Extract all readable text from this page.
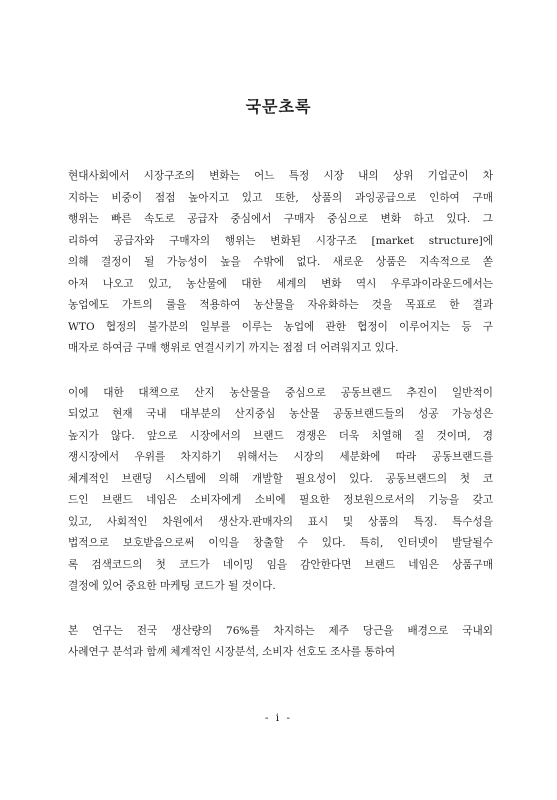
국문초록
현대사회에서 시장구조의 변화는 어느 특정 시장 내의 상위 기업군이 차
지하는 비중이 점점 높아지고 있고 또한, 상품의 과잉공급으로 인하여 구매
행위는 빠른 속도로 공급자 중심에서 구매자 중심으로 변화 하고 있다. 그
리하여 공급자와 구매자의 행위는 변화된 시장구조 [market structure]에
의해 결정이 될 가능성이 높을 수밖에 없다. 새로운 상품은 지속적으로 쏟
아져 나오고 있고, 농산물에 대한 세계의 변화 역시 우루과이라운드에서는
농업에도 가트의 룰을 적용하여 농산물을 자유화하는 것을 목표로 한 결과
WTO 협정의 불가분의 일부를 이루는 농업에 관한 협정이 이루어지는 등 구
매자로 하여금 구매 행위로 연결시키기 까지는 점점 더 어려워지고 있다.
이에 대한 대책으로 산지 농산물을 중심으로 공동브랜드 추진이 일반적이
되었고 현재 국내 대부분의 산지중심 농산물 공동브랜드들의 성공 가능성은
높지가 않다. 앞으로 시장에서의 브랜드 경쟁은 더욱 치열해 질 것이며, 경
쟁시장에서 우위를 차지하기 위해서는 시장의 세분화에 따라 공동브랜드를
체계적인 브랜딩 시스템에 의해 개발할 필요성이 있다. 공동브랜드의 첫 코
드인 브랜드 네임은 소비자에게 소비에 필요한 정보원으로서의 기능을 갖고
있고, 사회적인 차원에서 생산자.판매자의 표시 및 상품의 특징. 특수성을
법적으로 보호받음으로써 이익을 창출할 수 있다. 특히, 인터넷이 발달될수
록 검색코드의 첫 코드가 네이밍 임을 감안한다면 브랜드 네임은 상품구매
결정에 있어 중요한 마케팅 코드가 될 것이다.
본 연구는 전국 생산량의 76%를 차지하는 제주 당근을 배경으로 국내외
사례연구 분석과 함께 체계적인 시장분석, 소비자 선호도 조사를 통하여
- i -
